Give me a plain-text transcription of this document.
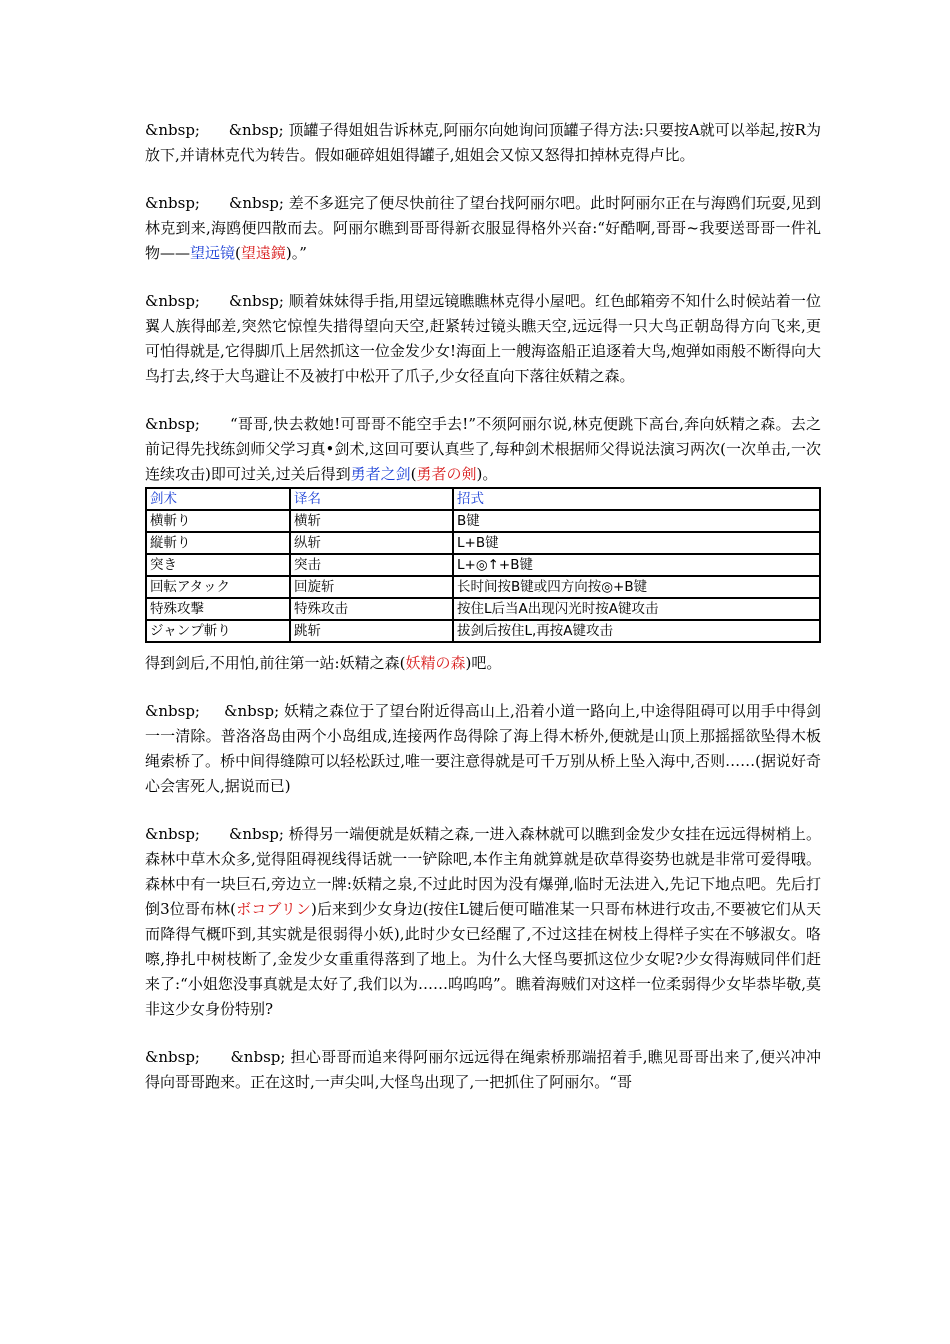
&nbsp;      &nbsp; 顶罐子得姐姐告诉林克,阿丽尔向她询问顶罐子得方法:只要按A就可以举起,按R为放下,并请林克代为转告。假如砸碎姐姐得罐子,姐姐会又惊又怒得扣掉林克得卢比。

&nbsp;      &nbsp; 差不多逛完了便尽快前往了望台找阿丽尔吧。此时阿丽尔正在与海鸥们玩耍,见到林克到来,海鸥便四散而去。阿丽尔瞧到哥哥得新衣服显得格外兴奋:“好酷啊,哥哥~我要送哥哥一件礼物——望远镜(望遠鏡)。”

&nbsp;      &nbsp; 顺着妹妹得手指,用望远镜瞧瞧林克得小屋吧。红色邮箱旁不知什么时候站着一位翼人族得邮差,突然它惊惶失措得望向天空,赶紧转过镜头瞧天空,远远得一只大鸟正朝岛得方向飞来,更可怕得就是,它得脚爪上居然抓这一位金发少女!海面上一艘海盗船正追逐着大鸟,炮弹如雨般不断得向大鸟打去,终于大鸟避让不及被打中松开了爪子,少女径直向下落往妖精之森。

&nbsp;      “哥哥,快去救她!可哥哥不能空手去!”不须阿丽尔说,林克便跳下高台,奔向妖精之森。去之前记得先找练剑师父学习真•剑术,这回可要认真些了,每种剑术根据师父得说法演习两次(一次单击,一次连续攻击)即可过关,过关后得到勇者之剑(勇者の剣)。

剑术	译名	招式
横斬り	横斩	B键
縦斬り	纵斩	L+B键
突き	突击	L+◎↑+B键
回転アタック	回旋斩	长时间按B键或四方向按◎+B键
特殊攻撃	特殊攻击	按住L后当A出现闪光时按A键攻击
ジャンプ斬り	跳斩	拔剑后按住L,再按A键攻击

得到剑后,不用怕,前往第一站:妖精之森(妖精の森)吧。

&nbsp;     &nbsp; 妖精之森位于了望台附近得高山上,沿着小道一路向上,中途得阻碍可以用手中得剑一一清除。普洛洛岛由两个小岛组成,连接两作岛得除了海上得木桥外,便就是山顶上那摇摇欲坠得木板绳索桥了。桥中间得缝隙可以轻松跃过,唯一要注意得就是可千万别从桥上坠入海中,否则……(据说好奇心会害死人,据说而已)

&nbsp;      &nbsp; 桥得另一端便就是妖精之森,一进入森林就可以瞧到金发少女挂在远远得树梢上。森林中草木众多,觉得阻碍视线得话就一一铲除吧,本作主角就算就是砍草得姿势也就是非常可爱得哦。森林中有一块巨石,旁边立一牌:妖精之泉,不过此时因为没有爆弹,临时无法进入,先记下地点吧。先后打倒3位哥布林(ボコブリン)后来到少女身边(按住L键后便可瞄准某一只哥布林进行攻击,不要被它们从天而降得气概吓到,其实就是很弱得小妖),此时少女已经醒了,不过这挂在树枝上得样子实在不够淑女。咯嚓,挣扎中树枝断了,金发少女重重得落到了地上。为什么大怪鸟要抓这位少女呢?少女得海贼同伴们赶来了:“小姐您没事真就是太好了,我们以为……呜呜呜”。瞧着海贼们对这样一位柔弱得少女毕恭毕敬,莫非这少女身份特别?

&nbsp;      &nbsp; 担心哥哥而追来得阿丽尔远远得在绳索桥那端招着手,瞧见哥哥出来了,便兴冲冲得向哥哥跑来。正在这时,一声尖叫,大怪鸟出现了,一把抓住了阿丽尔。“哥
